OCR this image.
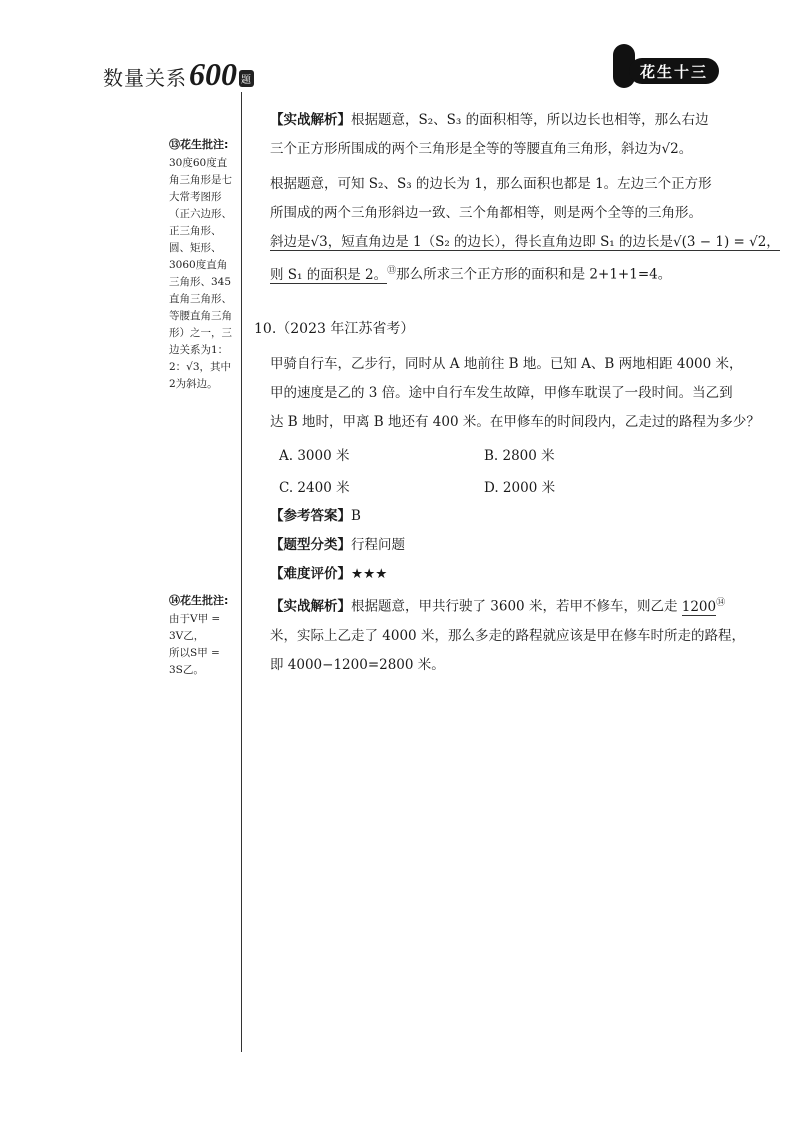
数量关系 600 题	花生十三
⑬花生批注:
30度60度直角三角形是七大常考图形（正六边形、正三角形、圆、矩形、3060度直角三角形、345直角三角形、等腰直角三角形）之一，三边关系为1：2：√3，其中2为斜边。
⑭花生批注:
由于V甲 = 3V乙，
所以S甲 = 3S乙。
【实战解析】根据题意，S₂、S₃ 的面积相等，所以边长也相等，那么右边
三个正方形所围成的两个三角形是全等的等腰直角三角形，斜边为√2。
根据题意，可知 S₂、S₃ 的边长为 1，那么面积也都是 1。左边三个正方形
所围成的两个三角形斜边一致、三个角都相等，则是两个全等的三角形。
斜边是√3，短直角边是 1（S₂ 的边长），得长直角边即 S₁ 的边长是√(3 − 1) = √2，
则 S₁ 的面积是 2。⑬那么所求三个正方形的面积和是 2+1+1=4。
10.（2023 年江苏省考）
甲骑自行车，乙步行，同时从 A 地前往 B 地。已知 A、B 两地相距 4000 米，
甲的速度是乙的 3 倍。途中自行车发生故障，甲修车耽误了一段时间。当乙到
达 B 地时，甲离 B 地还有 400 米。在甲修车的时间段内，乙走过的路程为多少？
A. 3000 米	B. 2800 米
C. 2400 米	D. 2000 米
【参考答案】B
【题型分类】行程问题
【难度评价】★★★
【实战解析】根据题意，甲共行驶了 3600 米，若甲不修车，则乙走 1200⑭
米，实际上乙走了 4000 米，那么多走的路程就应该是甲在修车时所走的路程，
即 4000−1200=2800 米。
